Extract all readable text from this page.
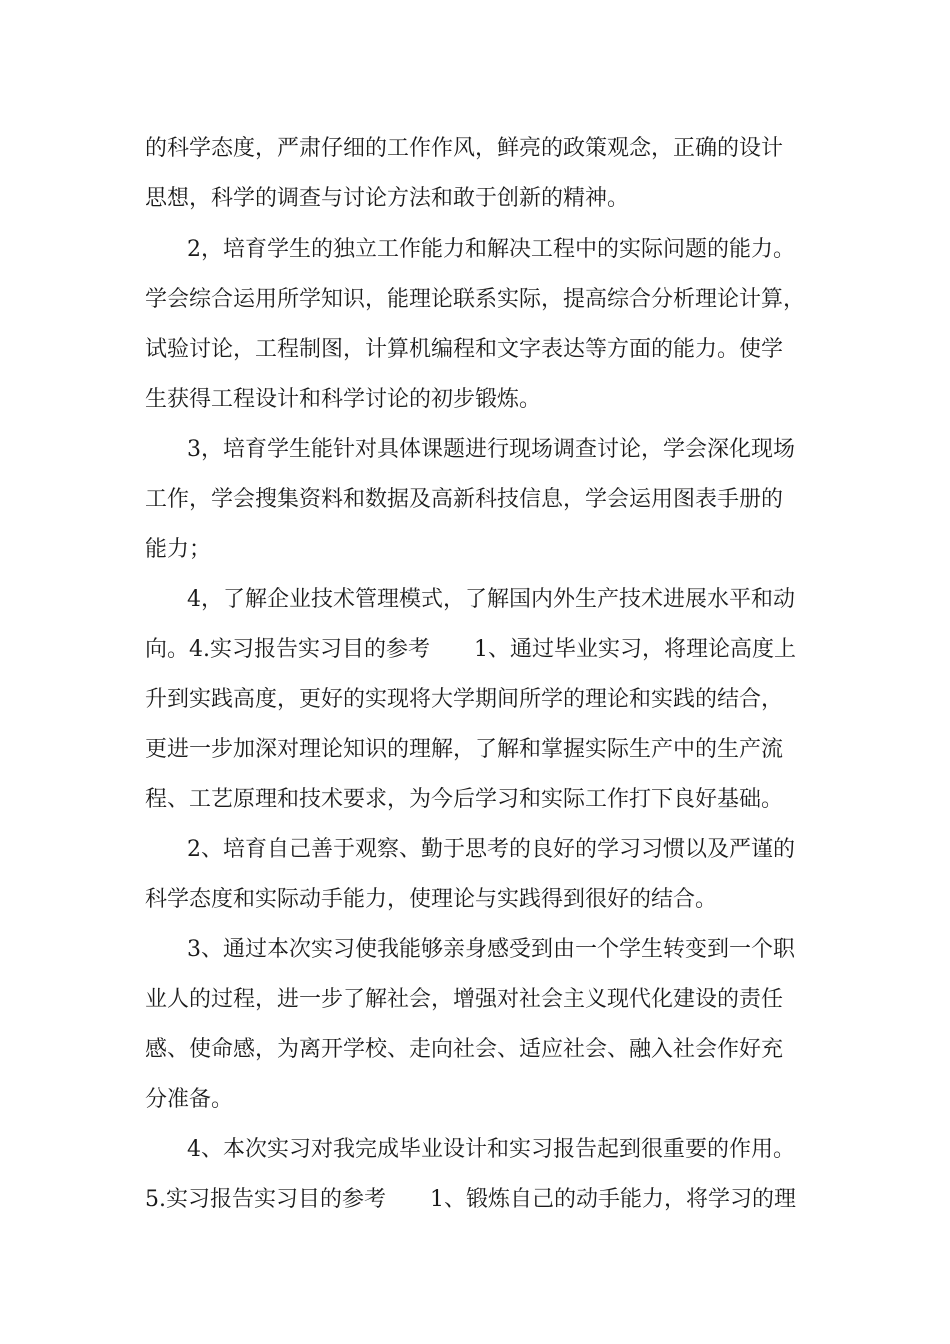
的科学态度，严肃仔细的工作作风，鲜亮的政策观念，正确的设计
思想，科学的调查与讨论方法和敢于创新的精神。
2，培育学生的独立工作能力和解决工程中的实际问题的能力。
学会综合运用所学知识，能理论联系实际，提高综合分析理论计算，
试验讨论，工程制图，计算机编程和文字表达等方面的能力。使学
生获得工程设计和科学讨论的初步锻炼。
3，培育学生能针对具体课题进行现场调查讨论，学会深化现场
工作，学会搜集资料和数据及高新科技信息，学会运用图表手册的
能力；
4，了解企业技术管理模式，了解国内外生产技术进展水平和动
向。4.实习报告实习目的参考　　1、通过毕业实习，将理论高度上
升到实践高度，更好的实现将大学期间所学的理论和实践的结合，
更进一步加深对理论知识的理解，了解和掌握实际生产中的生产流
程、工艺原理和技术要求，为今后学习和实际工作打下良好基础。
2、培育自己善于观察、勤于思考的良好的学习习惯以及严谨的
科学态度和实际动手能力，使理论与实践得到很好的结合。
3、通过本次实习使我能够亲身感受到由一个学生转变到一个职
业人的过程，进一步了解社会，增强对社会主义现代化建设的责任
感、使命感，为离开学校、走向社会、适应社会、融入社会作好充
分准备。
4、本次实习对我完成毕业设计和实习报告起到很重要的作用。
5.实习报告实习目的参考　　1、锻炼自己的动手能力，将学习的理
